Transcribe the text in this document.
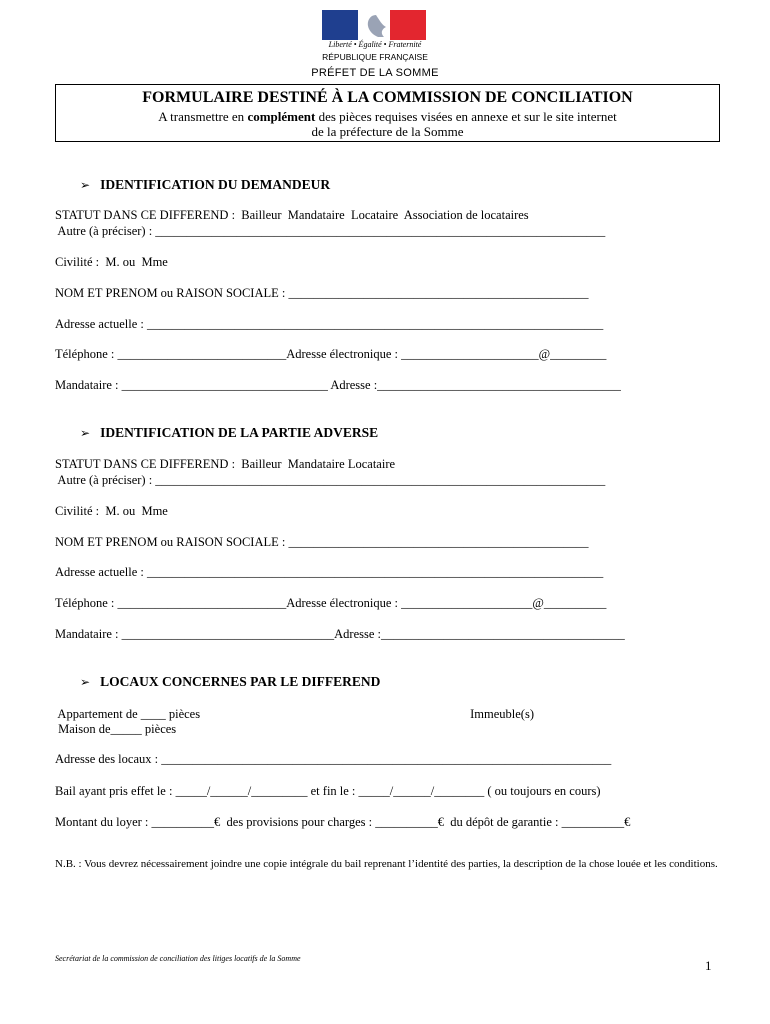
Liberté • Égalité • Fraternité
RÉPUBLIQUE FRANÇAISE
PRÉFET DE LA SOMME
FORMULAIRE DESTINÉ À LA COMMISSION DE CONCILIATION
A transmettre en complément des pièces requises visées en annexe et sur le site internet
de la préfecture de la Somme
➢ IDENTIFICATION DU DEMANDEUR
STATUT DANS CE DIFFEREND :  Bailleur  Mandataire  Locataire  Association de locataires
Autre (à préciser) : ________________________________________________________________________
Civilité :  M. ou  Mme
NOM ET PRENOM ou RAISON SOCIALE : ________________________________________________
Adresse actuelle : _________________________________________________________________________
Téléphone : ___________________________Adresse électronique : ______________________@_________
Mandataire : _________________________________ Adresse :_______________________________________
➢ IDENTIFICATION DE LA PARTIE ADVERSE
STATUT DANS CE DIFFEREND :  Bailleur  Mandataire Locataire
Autre (à préciser) : ________________________________________________________________________
Civilité :  M. ou  Mme
NOM ET PRENOM ou RAISON SOCIALE : ________________________________________________
Adresse actuelle : _________________________________________________________________________
Téléphone : ___________________________Adresse électronique : _____________________@__________
Mandataire : __________________________________Adresse :_______________________________________
➢ LOCAUX CONCERNES PAR LE DIFFEREND
Appartement de ____ pièces	Immeuble(s)
Maison de_____ pièces
Adresse des locaux : ________________________________________________________________________
Bail ayant pris effet le : _____/______/_________ et fin le : _____/______/________ ( ou toujours en cours)
Montant du loyer : __________€  des provisions pour charges : __________€  du dépôt de garantie : __________€
N.B. : Vous devrez nécessairement joindre une copie intégrale du bail reprenant l’identité des parties, la description de la chose louée et les conditions.
Secrétariat de la commission de conciliation des litiges locatifs de la Somme	1
